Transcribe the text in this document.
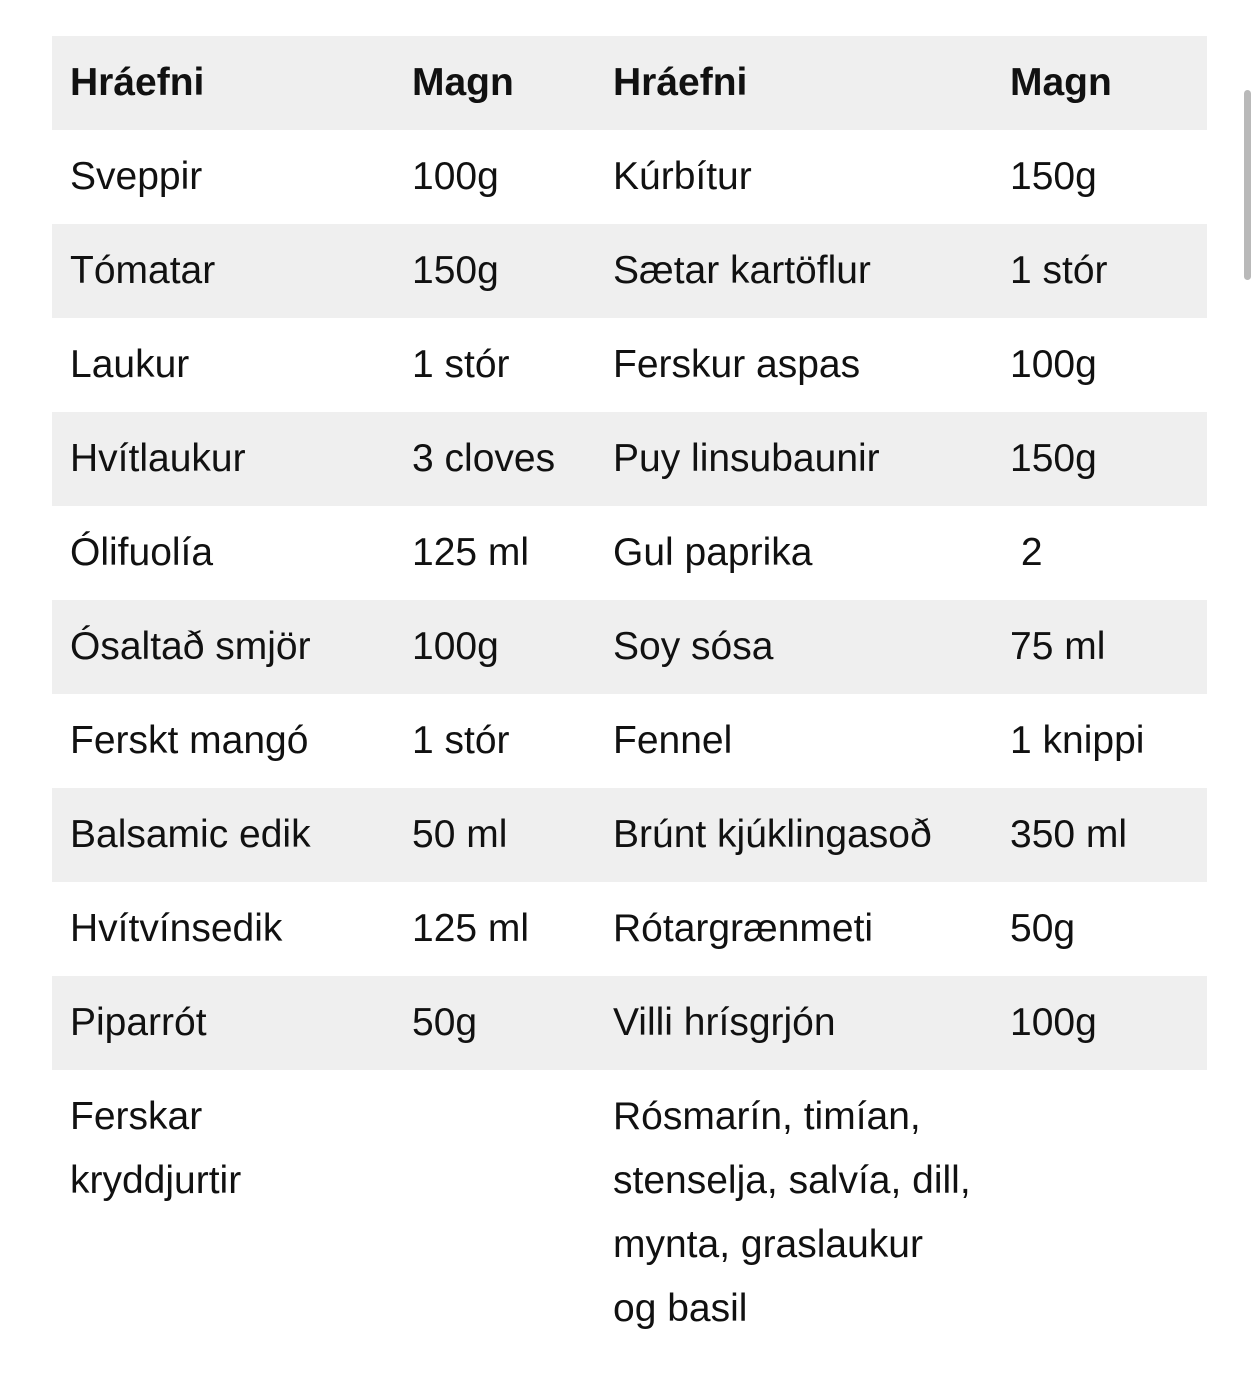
Hráefni	Magn	Hráefni	Magn
Sveppir	100g	Kúrbítur	150g
Tómatar	150g	Sætar kartöflur	1 stór
Laukur	1 stór	Ferskur aspas	100g
Hvítlaukur	3 cloves	Puy linsubaunir	150g
Ólifuolía	125 ml	Gul paprika	2
Ósaltað smjör	100g	Soy sósa	75 ml
Ferskt mangó	1 stór	Fennel	1 knippi
Balsamic edik	50 ml	Brúnt kjúklingasoð	350 ml
Hvítvínsedik	125 ml	Rótargrænmeti	50g
Piparrót	50g	Villi hrísgrjón	100g
Ferskar kryddjurtir		Rósmarín, timían, stenselja, salvía, dill, mynta, graslaukur og basil	
